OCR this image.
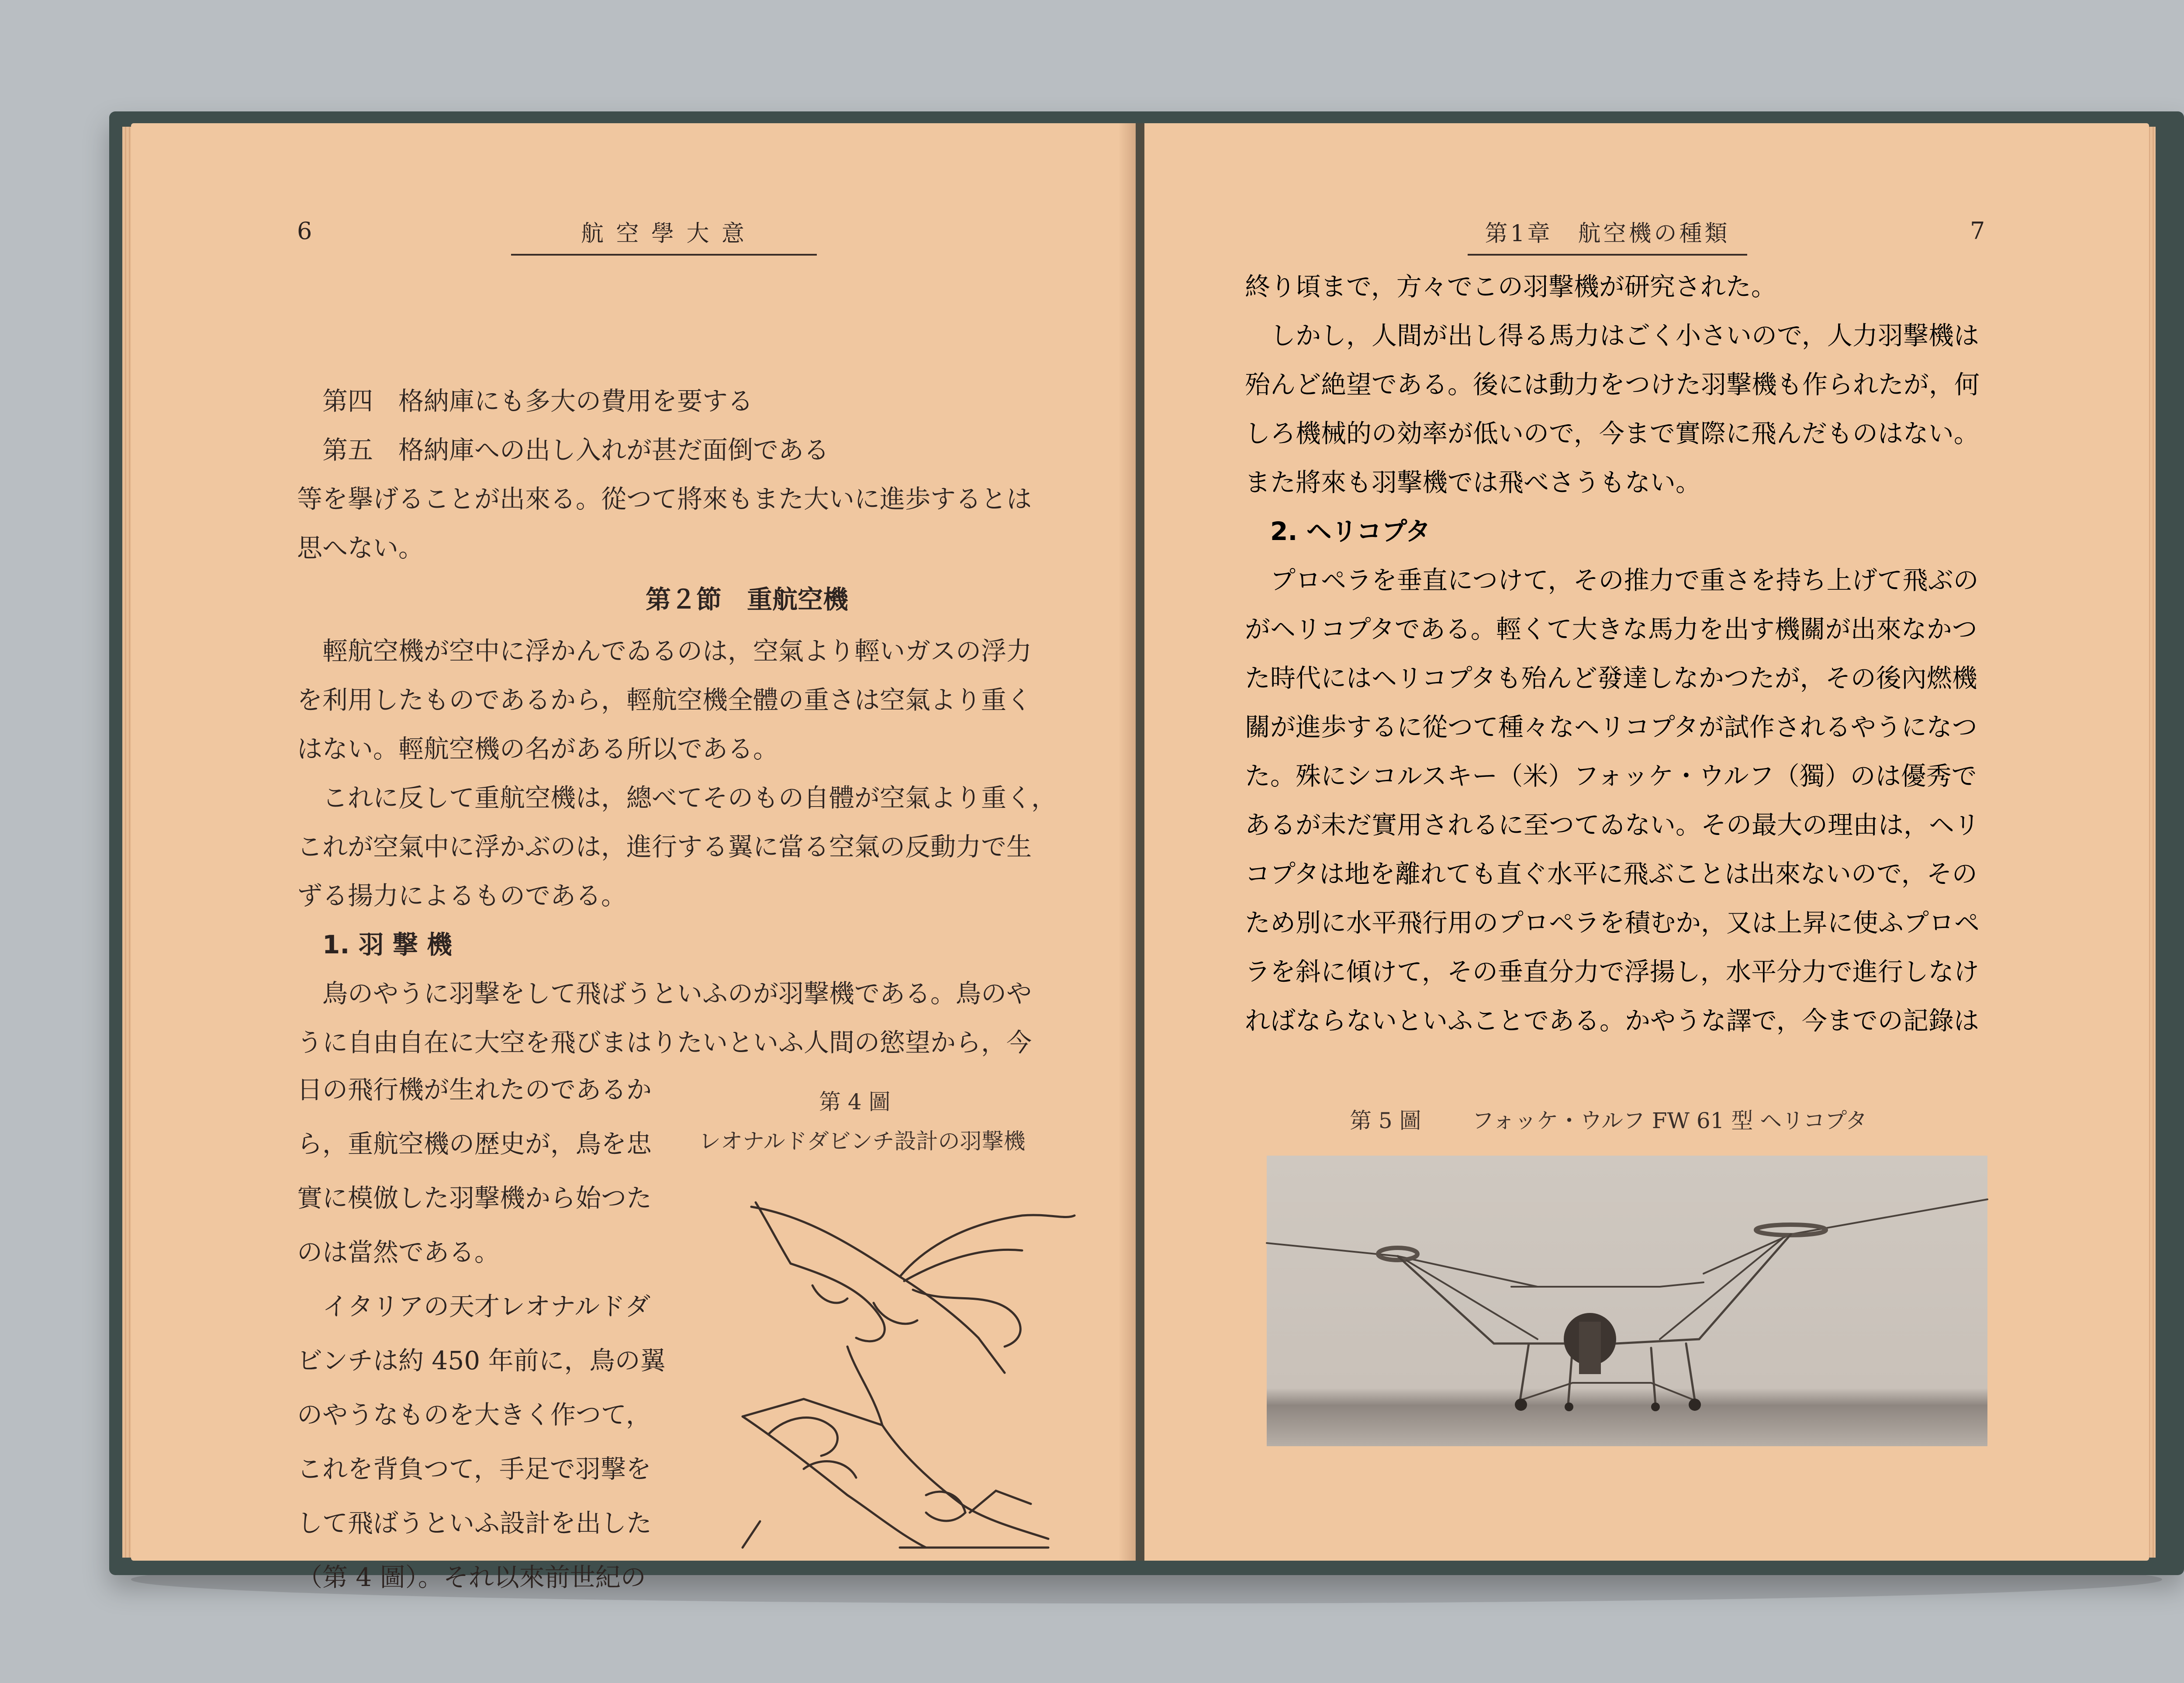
6	航 空 學 大 意
第四　格納庫にも多大の費用を要する
第五　格納庫への出し入れが甚だ面倒である
等を擧げることが出來る。從つて將來もまた大いに進歩するとは
思へない。
第２節　重航空機
輕航空機が空中に浮かんでゐるのは，空氣より輕いガスの浮力
を利用したものであるから，輕航空機全體の重さは空氣より重く
はない。輕航空機の名がある所以である。
これに反して重航空機は，總べてそのもの自體が空氣より重く，
これが空氣中に浮かぶのは，進行する翼に當る空氣の反動力で生
ずる揚力によるものである。
1. 羽 撃 機
鳥のやうに羽撃をして飛ばうといふのが羽撃機である。鳥のや
うに自由自在に大空を飛びまはりたいといふ人間の慾望から，今
日の飛行機が生れたのであるか
ら，重航空機の歴史が，鳥を忠
實に模倣した羽撃機から始つた
のは當然である。
イタリアの天才レオナルドダ
ビンチは約 450 年前に，鳥の翼
のやうなものを大きく作つて，
これを背負つて，手足で羽撃を
して飛ばうといふ設計を出した
（第 4 圖）。それ以來前世紀の
第 4 圖
レオナルドダビンチ設計の羽撃機
第1章　航空機の種類	7
終り頃まで，方々でこの羽撃機が研究された。
しかし，人間が出し得る馬力はごく小さいので，人力羽撃機は
殆んど絶望である。後には動力をつけた羽撃機も作られたが，何
しろ機械的の効率が低いので，今まで實際に飛んだものはない。
また將來も羽撃機では飛べさうもない。
2. ヘリコプタ
プロペラを垂直につけて，その推力で重さを持ち上げて飛ぶの
がヘリコプタである。輕くて大きな馬力を出す機關が出來なかつ
た時代にはヘリコプタも殆んど發達しなかつたが，その後內燃機
關が進歩するに從つて種々なヘリコプタが試作されるやうになつ
た。殊にシコルスキー（米）フォッケ・ウルフ（獨）のは優秀で
あるが未だ實用されるに至つてゐない。その最大の理由は，ヘリ
コプタは地を離れても直ぐ水平に飛ぶことは出來ないので，その
ため別に水平飛行用のプロペラを積むか，又は上昇に使ふプロペ
ラを斜に傾けて，その垂直分力で浮揚し，水平分力で進行しなけ
ればならないといふことである。かやうな譯で，今までの記錄は
第 5 圖 フォッケ・ウルフ FW 61 型 ヘリコプタ
